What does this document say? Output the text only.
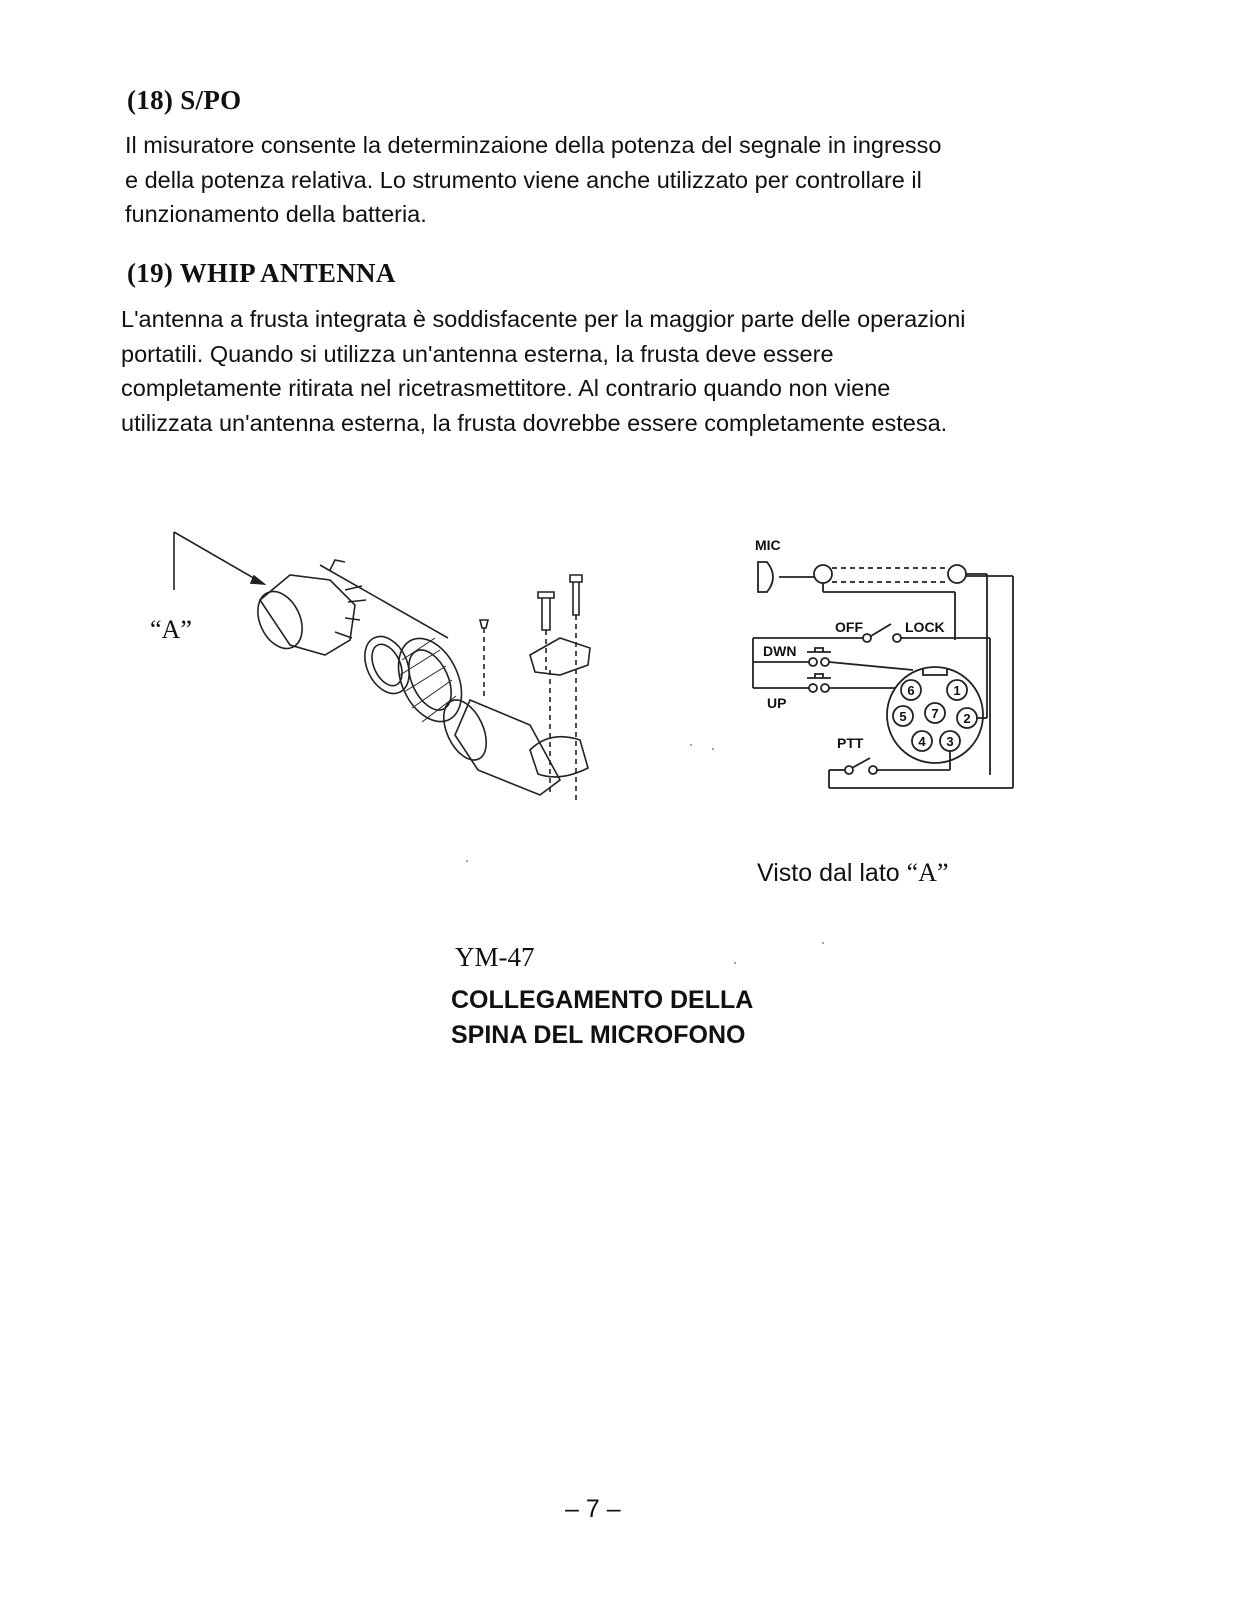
(18) S/PO

Il misuratore consente la determinzaione della potenza del segnale in ingresso
e della potenza relativa. Lo strumento viene anche utilizzato per controllare il
funzionamento della batteria.

(19) WHIP ANTENNA

L'antenna a frusta integrata è soddisfacente per la maggior parte delle operazioni
portatili. Quando si utilizza un'antenna esterna, la frusta deve essere
completamente ritirata nel ricetrasmettitore. Al contrario quando non viene
utilizzata un'antenna esterna, la frusta dovrebbe essere completamente estesa.

“A”
MIC
OFF	LOCK
DWN
UP
PTT
1
2
3
4
5
6
7
Visto dal lato “A”
YM-47
COLLEGAMENTO DELLA
SPINA DEL MICROFONO
– 7 –
